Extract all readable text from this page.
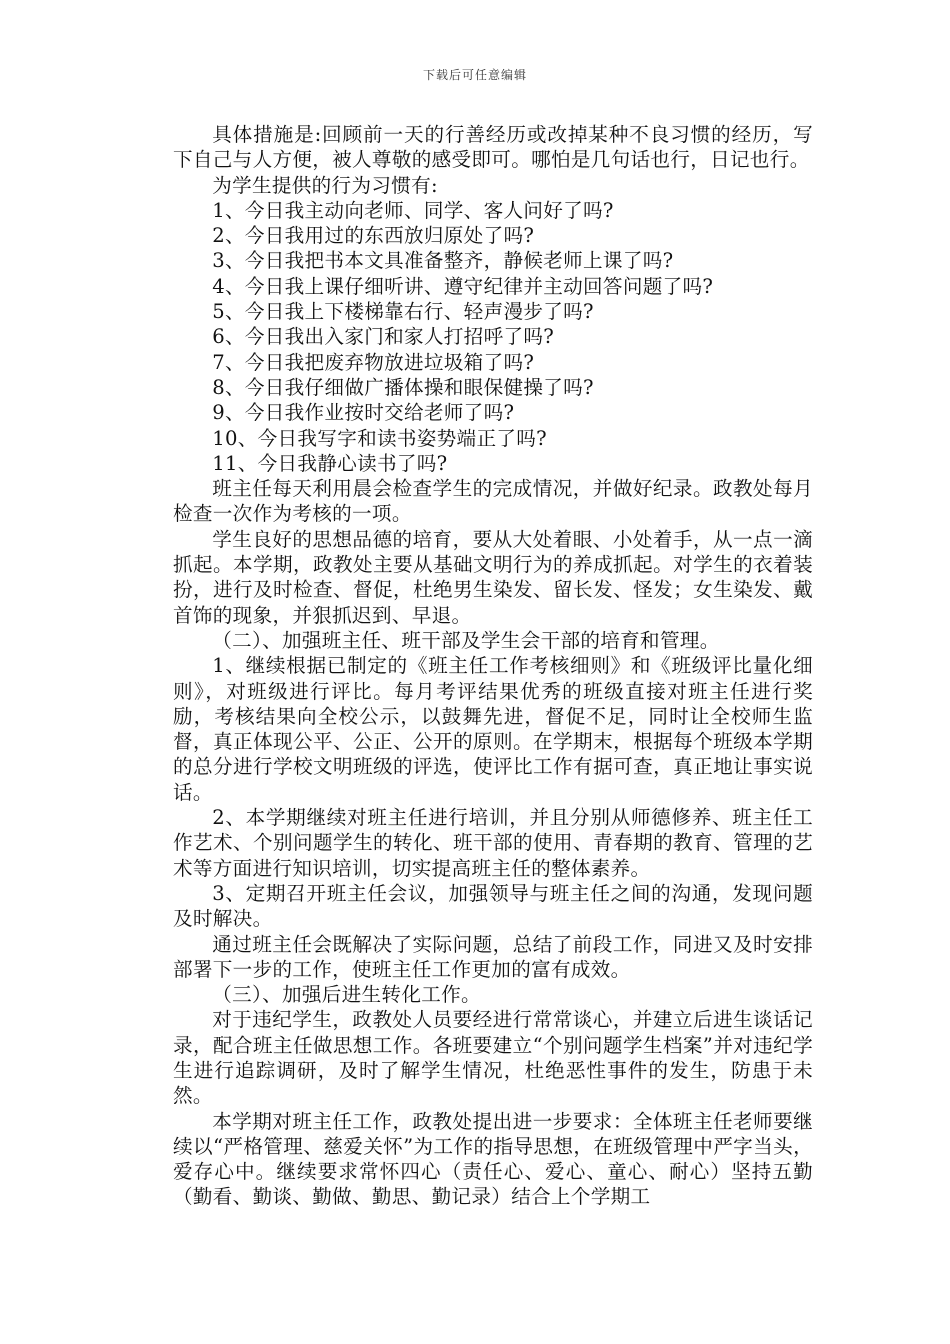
下载后可任意编辑

具体措施是:回顾前一天的行善经历或改掉某种不良习惯的经历，写下自己与人方便，被人尊敬的感受即可。哪怕是几句话也行，日记也行。

为学生提供的行为习惯有:

1、今日我主动向老师、同学、客人问好了吗?

2、今日我用过的东西放归原处了吗?

3、今日我把书本文具准备整齐，静候老师上课了吗?

4、今日我上课仔细听讲、遵守纪律并主动回答问题了吗?

5、今日我上下楼梯靠右行、轻声漫步了吗?

6、今日我出入家门和家人打招呼了吗?

7、今日我把废弃物放进垃圾箱了吗?

8、今日我仔细做广播体操和眼保健操了吗?

9、今日我作业按时交给老师了吗?

10、今日我写字和读书姿势端正了吗?

11、今日我静心读书了吗?

班主任每天利用晨会检查学生的完成情况，并做好纪录。政教处每月检查一次作为考核的一项。

学生良好的思想品德的培育，要从大处着眼、小处着手，从一点一滴抓起。本学期，政教处主要从基础文明行为的养成抓起。对学生的衣着装扮，进行及时检查、督促，杜绝男生染发、留长发、怪发；女生染发、戴首饰的现象，并狠抓迟到、早退。

（二）、加强班主任、班干部及学生会干部的培育和管理。

1、继续根据已制定的《班主任工作考核细则》和《班级评比量化细则》，对班级进行评比。每月考评结果优秀的班级直接对班主任进行奖励，考核结果向全校公示，以鼓舞先进，督促不足，同时让全校师生监督，真正体现公平、公正、公开的原则。在学期末，根据每个班级本学期的总分进行学校文明班级的评选，使评比工作有据可查，真正地让事实说话。

2、本学期继续对班主任进行培训，并且分别从师德修养、班主任工作艺术、个别问题学生的转化、班干部的使用、青春期的教育、管理的艺术等方面进行知识培训，切实提高班主任的整体素养。

3、定期召开班主任会议，加强领导与班主任之间的沟通，发现问题及时解决。

通过班主任会既解决了实际问题，总结了前段工作，同进又及时安排部署下一步的工作，使班主任工作更加的富有成效。

（三）、加强后进生转化工作。

对于违纪学生，政教处人员要经进行常常谈心，并建立后进生谈话记录，配合班主任做思想工作。各班要建立“个别问题学生档案”并对违纪学生进行追踪调研，及时了解学生情况，杜绝恶性事件的发生，防患于未然。

本学期对班主任工作，政教处提出进一步要求：全体班主任老师要继续以“严格管理、慈爱关怀”为工作的指导思想，在班级管理中严字当头，爱存心中。继续要求常怀四心（责任心、爱心、童心、耐心）坚持五勤（勤看、勤谈、勤做、勤思、勤记录）结合上个学期工
